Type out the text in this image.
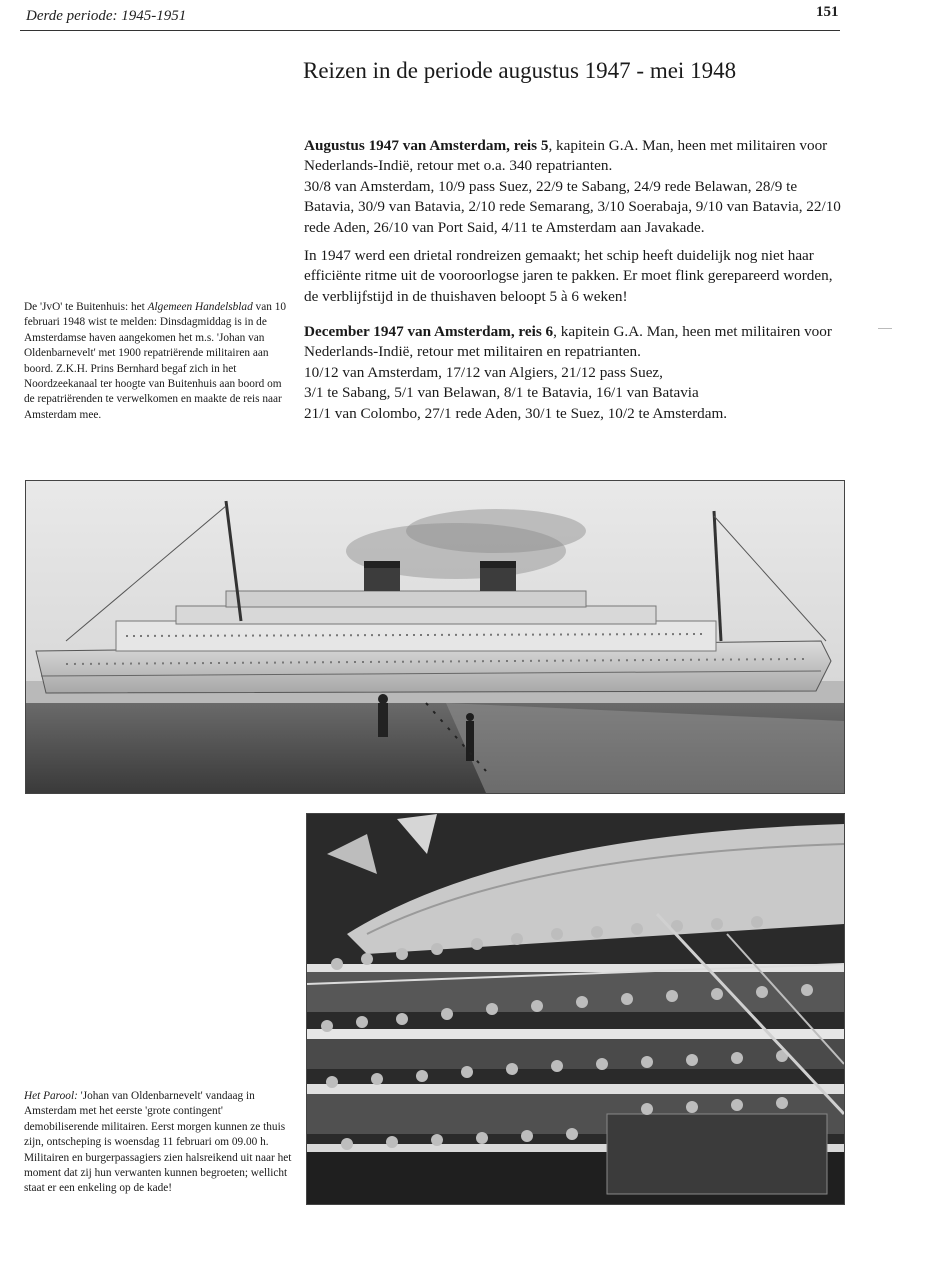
Derde periode: 1945-1951	151
Reizen in de periode augustus 1947 - mei 1948

Augustus 1947 van Amsterdam, reis 5, kapitein G.A. Man, heen met militairen voor Nederlands-Indië, retour met o.a. 340 repatrianten.

30/8 van Amsterdam, 10/9 pass Suez, 22/9 te Sabang, 24/9 rede Belawan, 28/9 te Batavia, 30/9 van Batavia, 2/10 rede Semarang, 3/10 Soerabaja, 9/10 van Batavia, 22/10 rede Aden, 26/10 van Port Said, 4/11 te Amsterdam aan Javakade.

In 1947 werd een drietal rondreizen gemaakt; het schip heeft duidelijk nog niet haar efficiënte ritme uit de vooroorlogse jaren te pakken. Er moet flink gerepareerd worden, de verblijfstijd in de thuishaven beloopt 5 à 6 weken!

December 1947 van Amsterdam, reis 6, kapitein G.A. Man, heen met militairen voor Nederlands-Indië, retour met militairen en repatrianten.

10/12 van Amsterdam, 17/12 van Algiers, 21/12 pass Suez,

3/1 te Sabang, 5/1 van Belawan, 8/1 te Batavia, 16/1 van Batavia

21/1 van Colombo, 27/1 rede Aden, 30/1 te Suez, 10/2 te Amsterdam.

De 'JvO' te Buitenhuis: het Algemeen Handelsblad van 10 februari 1948 wist te melden: Dinsdagmiddag is in de Amsterdamse haven aangekomen het m.s. 'Johan van Oldenbarnevelt' met 1900 repatriërende militairen aan boord. Z.K.H. Prins Bernhard begaf zich in het Noordzeekanaal ter hoogte van Buitenhuis aan boord om de repatriërenden te verwelkomen en maakte de reis naar Amsterdam mee.
Het Parool: 'Johan van Oldenbarnevelt' vandaag in Amsterdam met het eerste 'grote contingent' demobiliserende militairen. Eerst morgen kunnen ze thuis zijn, ontscheping is woensdag 11 februari om 09.00 h.
Militairen en burgerpassagiers zien halsreikend uit naar het moment dat zij hun verwanten kunnen begroeten; wellicht staat er een enkeling op de kade!
